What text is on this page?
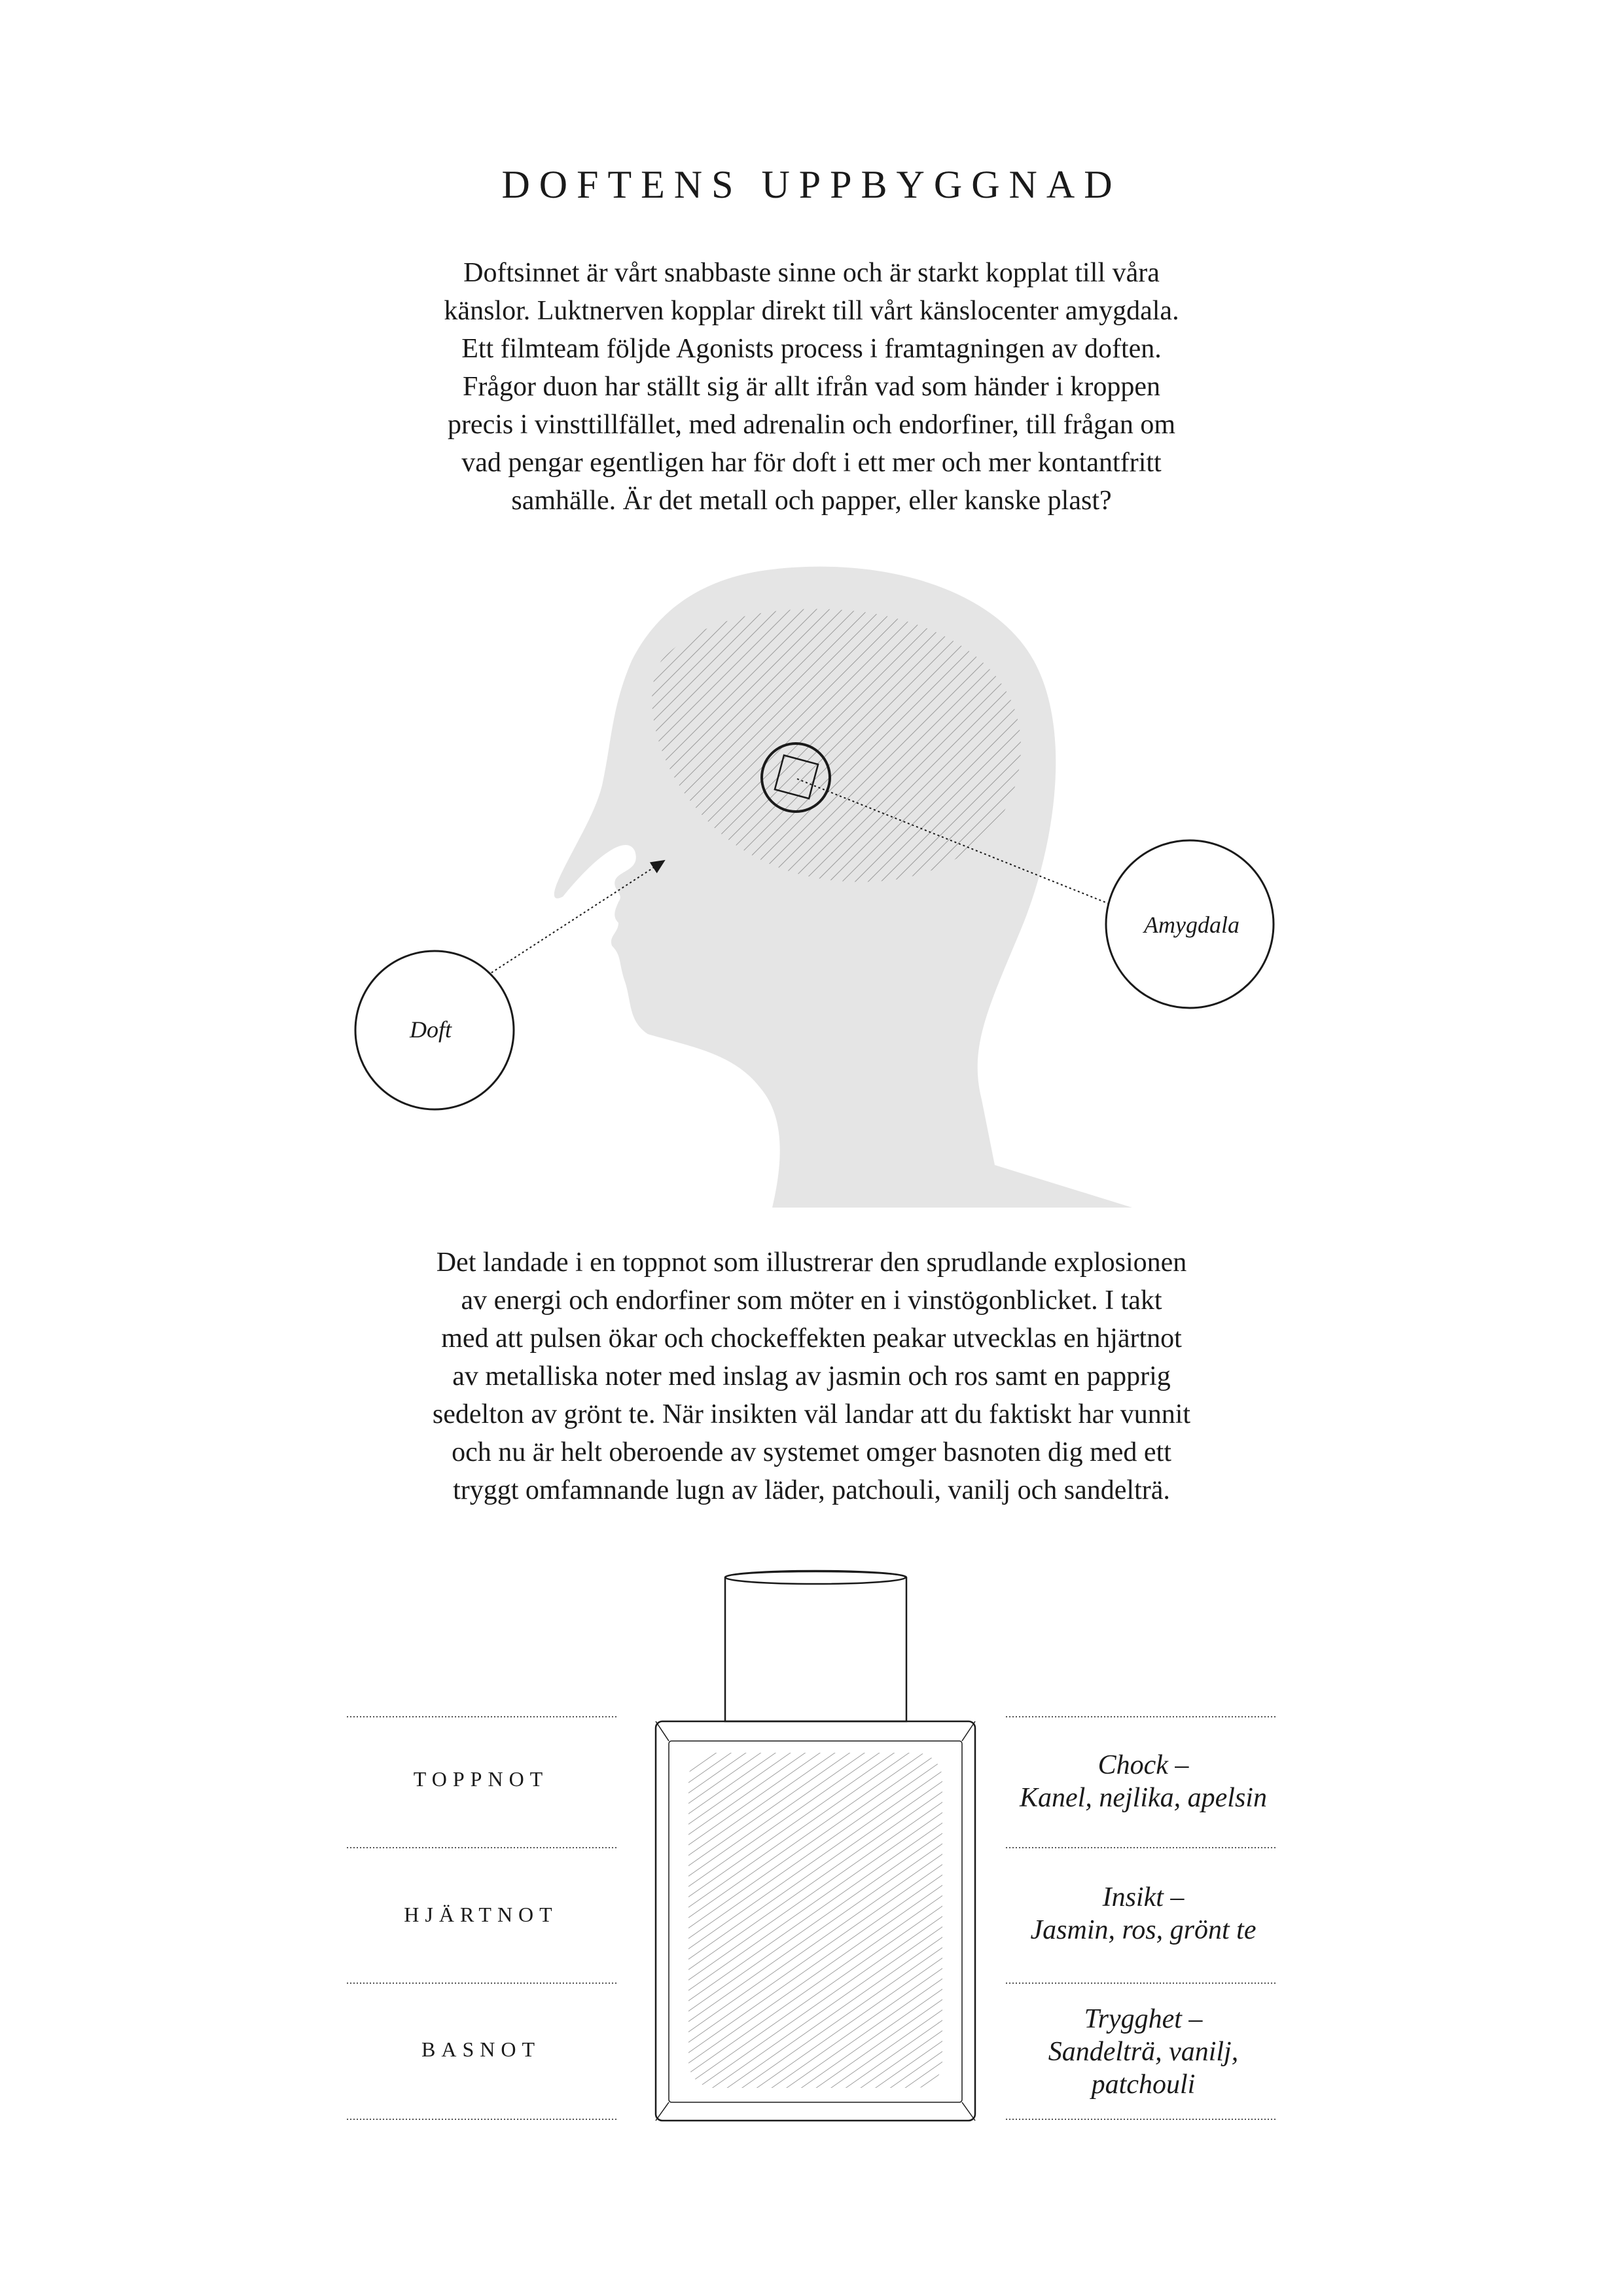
DOFTENS UPPBYGGNAD
Doftsinnet är vårt snabbaste sinne och är starkt kopplat till våra
känslor. Luktnerven kopplar direkt till vårt känslocenter amygdala.
Ett filmteam följde Agonists process i framtagningen av doften.
Frågor duon har ställt sig är allt ifrån vad som händer i kroppen
precis i vinsttillfället, med adrenalin och endorfiner, till frågan om
vad pengar egentligen har för doft i ett mer och mer kontantfritt
samhälle. Är det metall och papper, eller kanske plast?
Amygdala
Doft
Det landade i en toppnot som illustrerar den sprudlande explosionen
av energi och endorfiner som möter en i vinstögonblicket. I takt
med att pulsen ökar och chockeffekten peakar utvecklas en hjärtnot
av metalliska noter med inslag av jasmin och ros samt en papprig
sedelton av grönt te. När insikten väl landar att du faktiskt har vunnit
och nu är helt oberoende av systemet omger basnoten dig med ett
tryggt omfamnande lugn av läder, patchouli, vanilj och sandelträ.
TOPPNOT
HJÄRTNOT
BASNOT
Chock –
Kanel, nejlika, apelsin
Insikt –
Jasmin, ros, grönt te
Trygghet –
Sandelträ, vanilj,
patchouli
